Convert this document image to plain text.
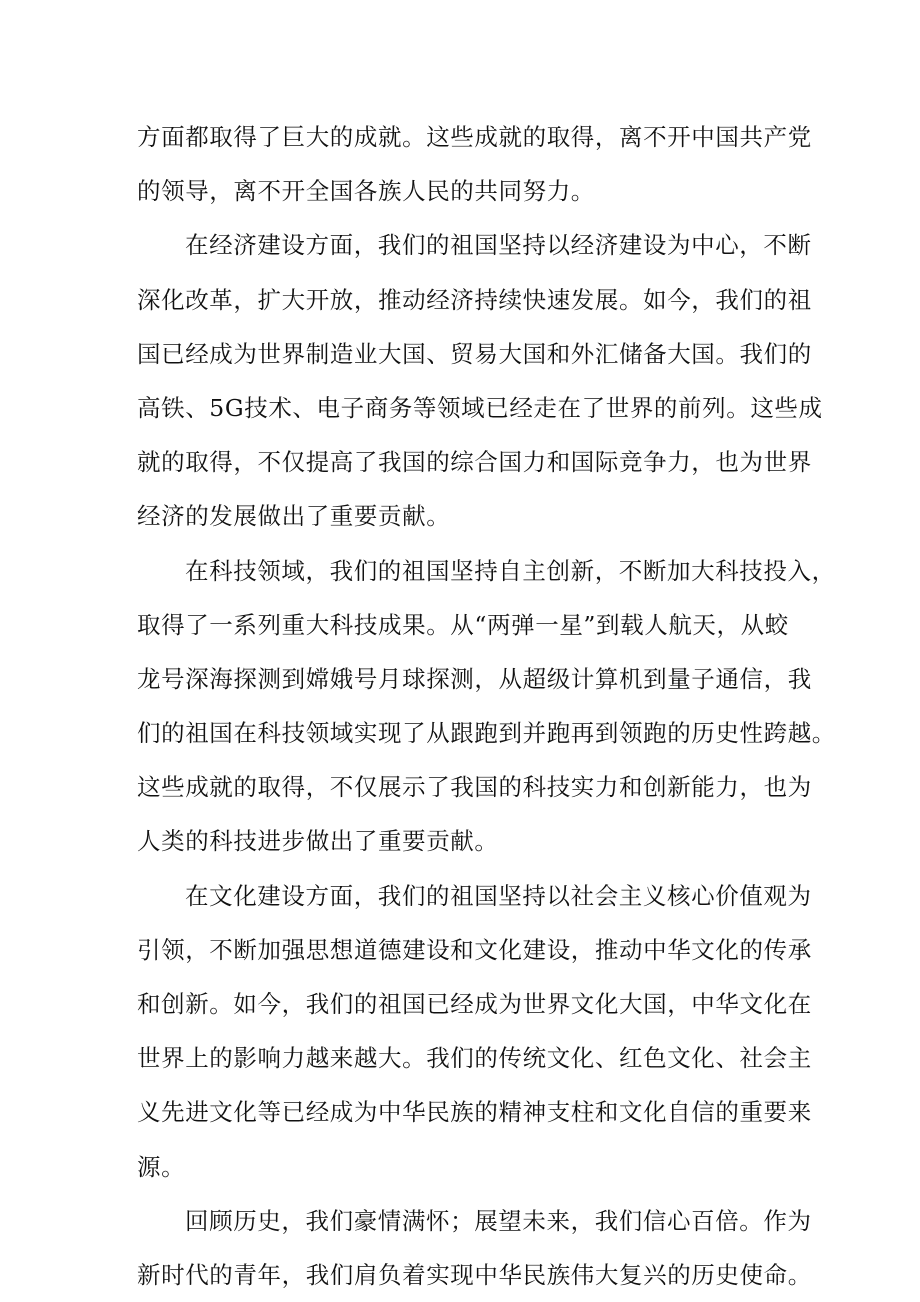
方面都取得了巨大的成就。这些成就的取得，离不开中国共产党
的领导，离不开全国各族人民的共同努力。
在经济建设方面，我们的祖国坚持以经济建设为中心，不断
深化改革，扩大开放，推动经济持续快速发展。如今，我们的祖
国已经成为世界制造业大国、贸易大国和外汇储备大国。我们的
高铁、5G技术、电子商务等领域已经走在了世界的前列。这些成
就的取得，不仅提高了我国的综合国力和国际竞争力，也为世界
经济的发展做出了重要贡献。
在科技领域，我们的祖国坚持自主创新，不断加大科技投入，
取得了一系列重大科技成果。从“两弹一星”到载人航天，从蛟
龙号深海探测到嫦娥号月球探测，从超级计算机到量子通信，我
们的祖国在科技领域实现了从跟跑到并跑再到领跑的历史性跨越。
这些成就的取得，不仅展示了我国的科技实力和创新能力，也为
人类的科技进步做出了重要贡献。
在文化建设方面，我们的祖国坚持以社会主义核心价值观为
引领，不断加强思想道德建设和文化建设，推动中华文化的传承
和创新。如今，我们的祖国已经成为世界文化大国，中华文化在
世界上的影响力越来越大。我们的传统文化、红色文化、社会主
义先进文化等已经成为中华民族的精神支柱和文化自信的重要来
源。
回顾历史，我们豪情满怀；展望未来，我们信心百倍。作为
新时代的青年，我们肩负着实现中华民族伟大复兴的历史使命。
